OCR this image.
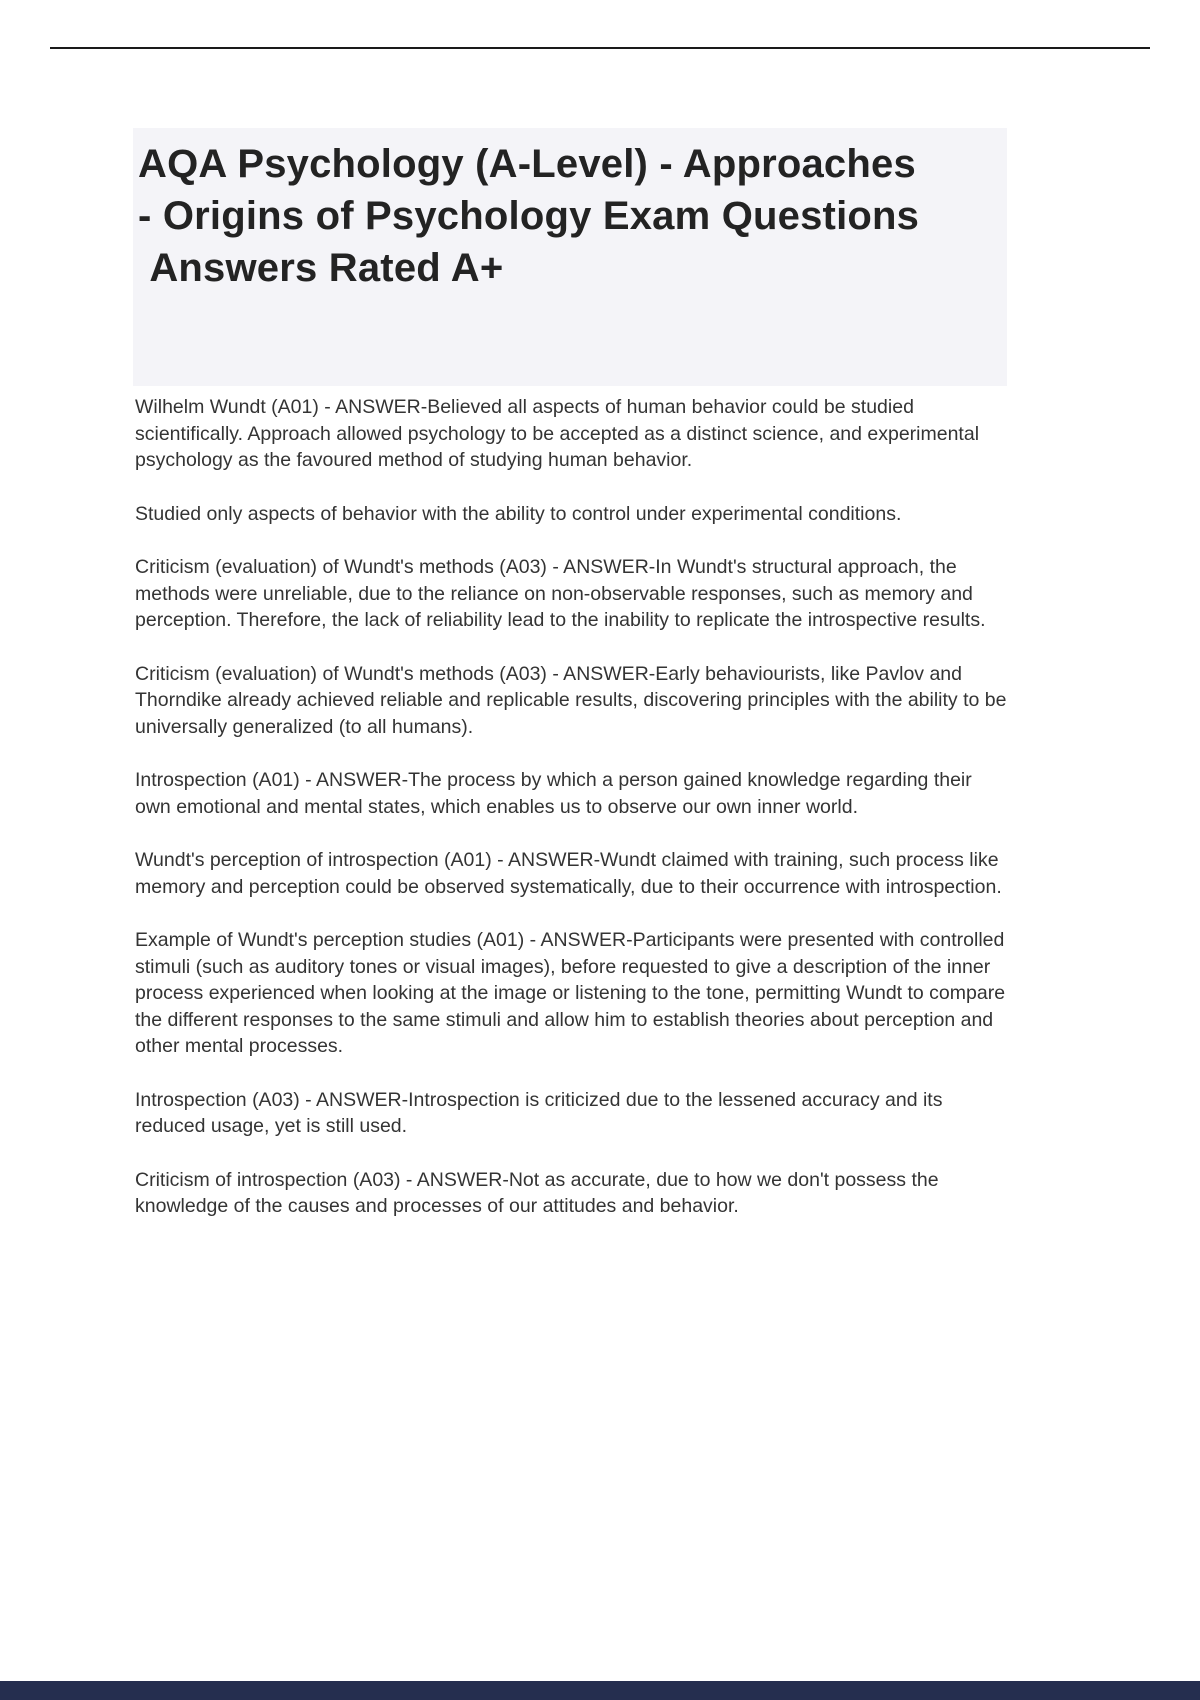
AQA Psychology (A-Level) - Approaches
- Origins of Psychology Exam Questions
Answers Rated A+

Wilhelm Wundt (A01) - ANSWER-Believed all aspects of human behavior could be studied scientifically. Approach allowed psychology to be accepted as a distinct science, and experimental psychology as the favoured method of studying human behavior.

Studied only aspects of behavior with the ability to control under experimental conditions.

Criticism (evaluation) of Wundt's methods (A03) - ANSWER-In Wundt's structural approach, the methods were unreliable, due to the reliance on non-observable responses, such as memory and perception. Therefore, the lack of reliability lead to the inability to replicate the introspective results.

Criticism (evaluation) of Wundt's methods (A03) - ANSWER-Early behaviourists, like Pavlov and Thorndike already achieved reliable and replicable results, discovering principles with the ability to be universally generalized (to all humans).

Introspection (A01) - ANSWER-The process by which a person gained knowledge regarding their own emotional and mental states, which enables us to observe our own inner world.

Wundt's perception of introspection (A01) - ANSWER-Wundt claimed with training, such process like memory and perception could be observed systematically, due to their occurrence with introspection.

Example of Wundt's perception studies (A01) - ANSWER-Participants were presented with controlled stimuli (such as auditory tones or visual images), before requested to give a description of the inner process experienced when looking at the image or listening to the tone, permitting Wundt to compare the different responses to the same stimuli and allow him to establish theories about perception and other mental processes.

Introspection (A03) - ANSWER-Introspection is criticized due to the lessened accuracy and its reduced usage, yet is still used.

Criticism of introspection (A03) - ANSWER-Not as accurate, due to how we don't possess the knowledge of the causes and processes of our attitudes and behavior.
